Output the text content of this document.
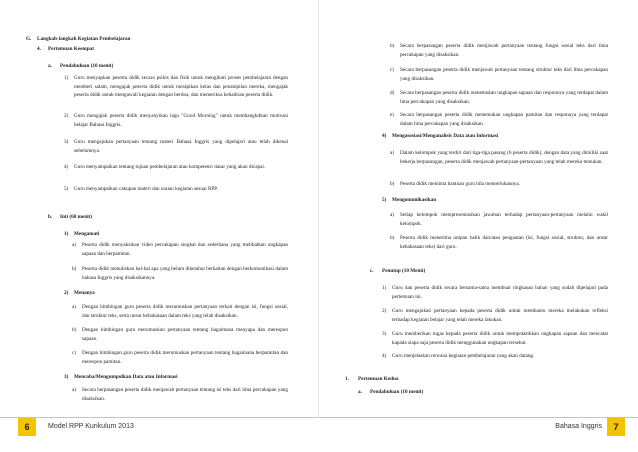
G. Langkah-langkah Kegiatan Pembelajaran
4. Pertemuan Keempat
a. Pendahuluan (10 menit)
1) Guru menyapkan peserta didik secara psikis dan fisik untuk mengikuti proses pembelajaran dengan memberi salam, mengajak peserta didik untuk merapikan kelas dan penampilan mereka, mengajak peserta didik untuk mengawali kegiatan dengan berdoa, dan memeriksa kehadiran peserta didik.

2) Guru mengajak peserta didik menyanyikan lagu "Good Morning" untuk membangkitkan motivasi belajar Bahasa Inggris.

3) Guru mengajukan pertanyaan tentang materi Bahasa Inggris yang dipelajari atau telah dikenal sebelumnya.

4) Guru menyampaikan tentang tujuan pembelajaran atau kompetensi dasar yang akan dicapai.

5) Guru menyampaikan cakupan materi dan uraian kegiatan sesuai RPP.

b. Inti (60 menit)
1) Mengamati
a) Peserta didik menyaksikan video percakapan singkat dan sederhana yang melibatkan ungkapan sapaan dan berpamitan.

b) Peserta didik menuliskan hal-hal apa yang belum diketahui berkaitan dengan berkomunikasi dalam bahasa Inggris yang disaksikannya.

2) Menanya
a) Dengan bimbingan guru peserta didik merumuskan pertanyaan terkait dengan isi, fungsi sosial, dan struktur teks, serta unsur kebahasaan dalam teks yang telah disaksikan.

b) Dengan bimbingan guru merumuskan pertanyaan tentang bagaimana menyapa dan merespon sapaan.

c) Dengan bimbingan guru peserta didik merumuskan pertanyaan tentang bagaimana berpamitan dan merespon pamitan.

3) Mencoba/Mengumpulkan Data atau Informasi
a) Secara berpasangan peserta didik menjawab pertanyaan tentang isi teks dari lima percakapan yang disaksikan.

6	Model RPP Kurikulum 2013
b) Secara berpasangan peserta didik menjawab pertanyaan tentang fungsi sosial teks dari lima percakapan yang disaksikan.

c) Secara berpasangan peserta didik menjawab pertanyaan tentang struktur teks dari lima percakapan yang disaksikan.

d) Secara berpasangan peserta didik menemukan ungkapan sapaan dan responnya yang terdapat dalam lima percakapan yang disaksikan.

e) Secara berpasangan peserta didik menemukan ungkapan pamitan dan responnya yang terdapat dalam lima percakapan yang disaksikan.

4) Mengasosiasi/Menganalisis Data atau Informasi
a) Dalam kelompok yang terdiri dari tiga-tiga pasang (6 peserta didik), dengan data yang dimiliki saat bekerja berpasangan, peserta didik menjawab pertanyaan-pertanyaan yang telah mereka temukan.

b) Peserta didik meminta bantuan guru bila memerlukannya.

5) Mengomunikasikan
a) Setiap kelompok mempresentasikan jawaban terhadap pertanyaan-pertanyaan melalui wakil kelompok.

b) Peserta didik menerima umpan balik dan/atau penguatan (isi, fungsi sosial, struktur, dan unsur kebahasaan teks) dari guru.

c. Penutup (10 Menit)
1) Guru dan peserta didik secara bersama-sama membuat ringkasan bahan yang sudah dipelajari pada pertemuan ini.

2) Guru mengajukan pertanyaan kepada peserta didik untuk membantu mereka melakukan refleksi terhadap kegiatan belajar yang telah mereka lakukan.

3) Guru memberikan tugas kepada peserta didik untuk mempraktikkan ungkapan sapaan dan mencatat kapada siapa saja peserta didik menggunakan ungkapan tersebut.

4) Guru menjelaskan rencana kegiatan pembelajaran yang akan datang.

1. Pertemuan Kedua
a. Pendahuluan (10 menit)
Bahasa Inggris	7
